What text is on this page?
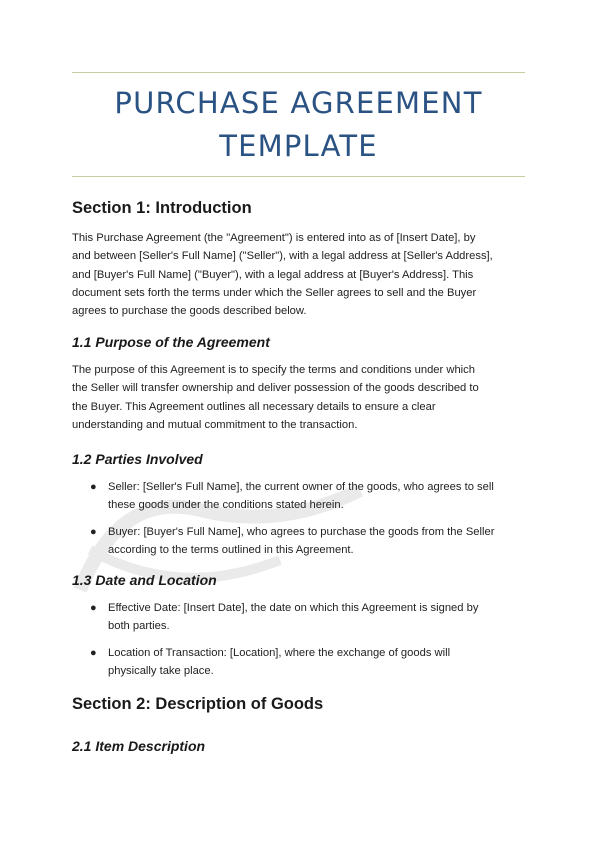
PURCHASE AGREEMENT
TEMPLATE
Section 1: Introduction

This Purchase Agreement (the "Agreement") is entered into as of [Insert Date], by
and between [Seller's Full Name] ("Seller"), with a legal address at [Seller's Address],
and [Buyer's Full Name] ("Buyer"), with a legal address at [Buyer's Address]. This
document sets forth the terms under which the Seller agrees to sell and the Buyer
agrees to purchase the goods described below.

1.1 Purpose of the Agreement

The purpose of this Agreement is to specify the terms and conditions under which
the Seller will transfer ownership and deliver possession of the goods described to
the Buyer. This Agreement outlines all necessary details to ensure a clear
understanding and mutual commitment to the transaction.

1.2 Parties Involved
● Seller: [Seller's Full Name], the current owner of the goods, who agrees to sell
these goods under the conditions stated herein.
● Buyer: [Buyer's Full Name], who agrees to purchase the goods from the Seller
according to the terms outlined in this Agreement.
1.3 Date and Location
● Effective Date: [Insert Date], the date on which this Agreement is signed by
both parties.
● Location of Transaction: [Location], where the exchange of goods will
physically take place.
Section 2: Description of Goods
2.1 Item Description
